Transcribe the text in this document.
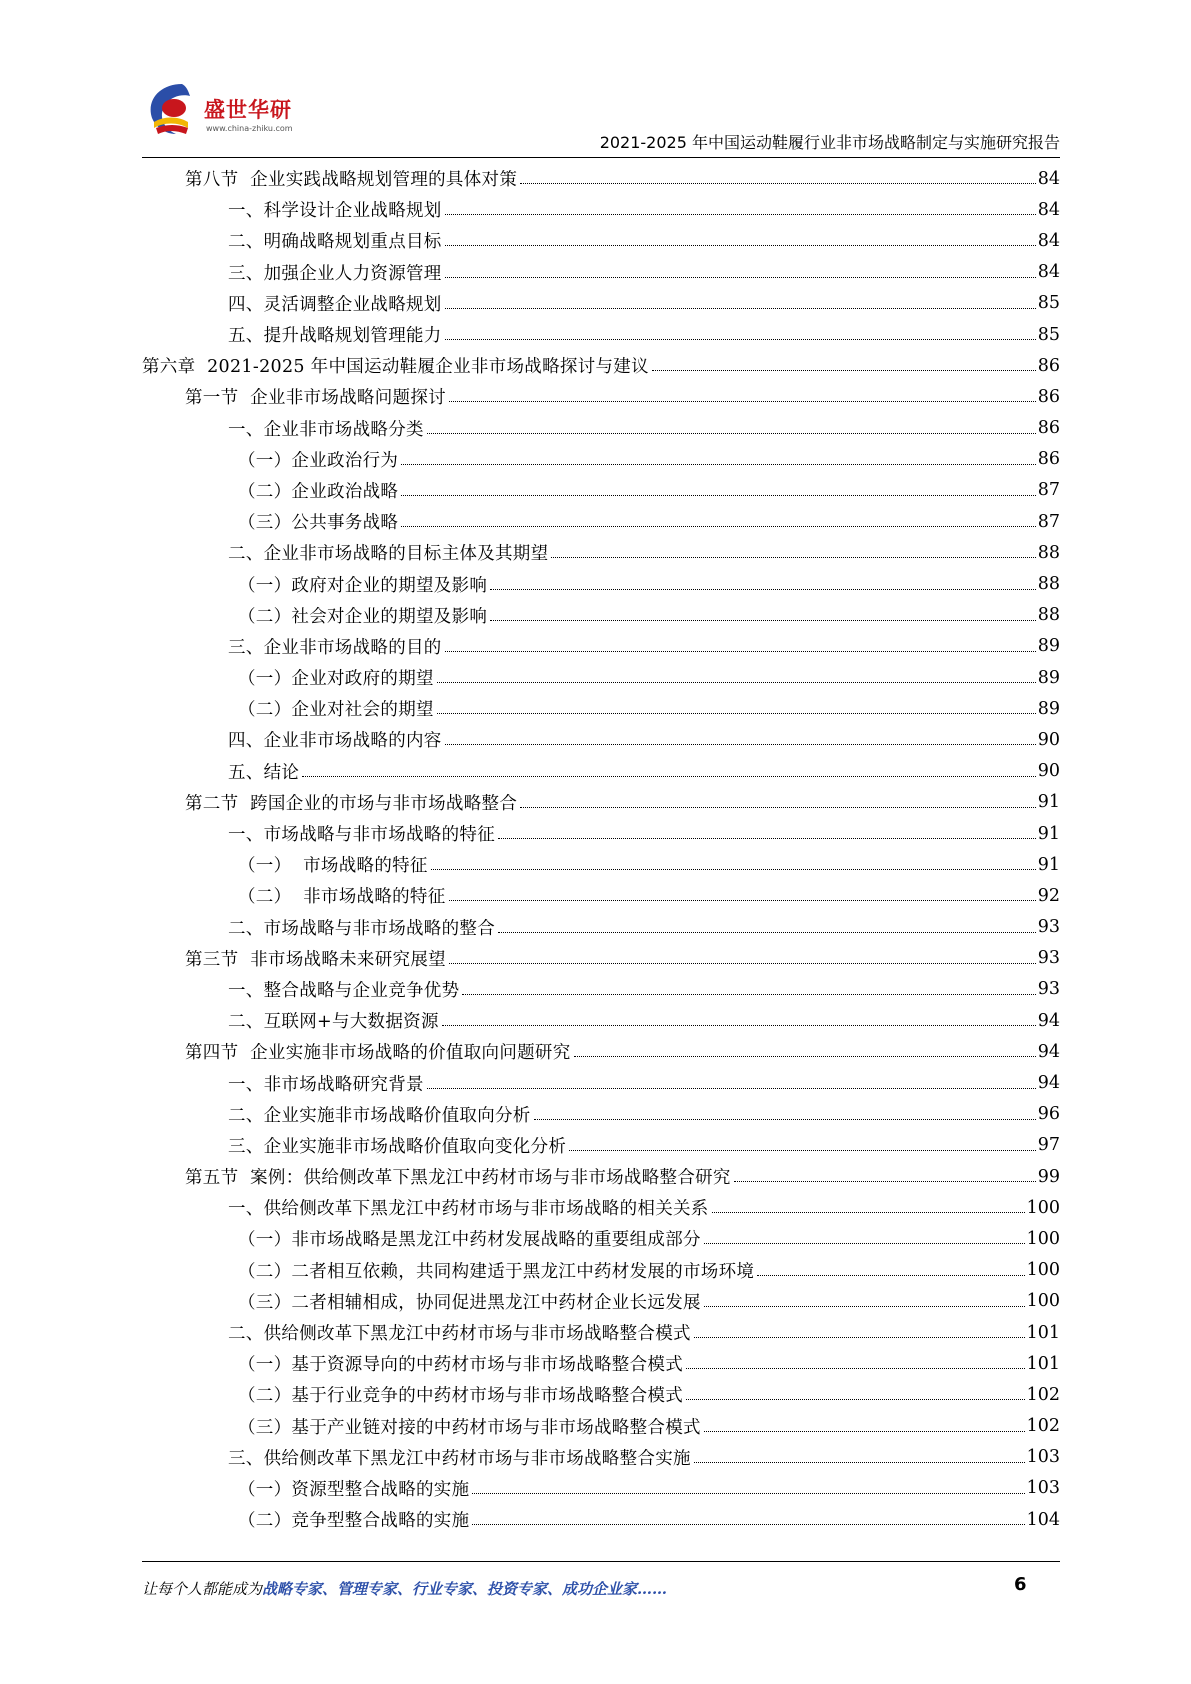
盛世华研
www.china-zhiku.com
2021-2025 年中国运动鞋履行业非市场战略制定与实施研究报告
第八节  企业实践战略规划管理的具体对策	84
一、科学设计企业战略规划	84
二、明确战略规划重点目标	84
三、加强企业人力资源管理	84
四、灵活调整企业战略规划	85
五、提升战略规划管理能力	85
第六章  2021-2025 年中国运动鞋履企业非市场战略探讨与建议	86
第一节  企业非市场战略问题探讨	86
一、企业非市场战略分类	86
（一）企业政治行为	86
（二）企业政治战略	87
（三）公共事务战略	87
二、企业非市场战略的目标主体及其期望	88
（一）政府对企业的期望及影响	88
（二）社会对企业的期望及影响	88
三、企业非市场战略的目的	89
（一）企业对政府的期望	89
（二）企业对社会的期望	89
四、企业非市场战略的内容	90
五、结论	90
第二节  跨国企业的市场与非市场战略整合	91
一、市场战略与非市场战略的特征	91
（一）  市场战略的特征	91
（二）  非市场战略的特征	92
二、市场战略与非市场战略的整合	93
第三节  非市场战略未来研究展望	93
一、整合战略与企业竞争优势	93
二、互联网+与大数据资源	94
第四节  企业实施非市场战略的价值取向问题研究	94
一、非市场战略研究背景	94
二、企业实施非市场战略价值取向分析	96
三、企业实施非市场战略价值取向变化分析	97
第五节  案例：供给侧改革下黑龙江中药材市场与非市场战略整合研究	99
一、供给侧改革下黑龙江中药材市场与非市场战略的相关关系	100
（一）非市场战略是黑龙江中药材发展战略的重要组成部分	100
（二）二者相互依赖，共同构建适于黑龙江中药材发展的市场环境	100
（三）二者相辅相成，协同促进黑龙江中药材企业长远发展	100
二、供给侧改革下黑龙江中药材市场与非市场战略整合模式	101
（一）基于资源导向的中药材市场与非市场战略整合模式	101
（二）基于行业竞争的中药材市场与非市场战略整合模式	102
（三）基于产业链对接的中药材市场与非市场战略整合模式	102
三、供给侧改革下黑龙江中药材市场与非市场战略整合实施	103
（一）资源型整合战略的实施	103
（二）竞争型整合战略的实施	104
让每个人都能成为战略专家、管理专家、行业专家、投资专家、成功企业家……	6
